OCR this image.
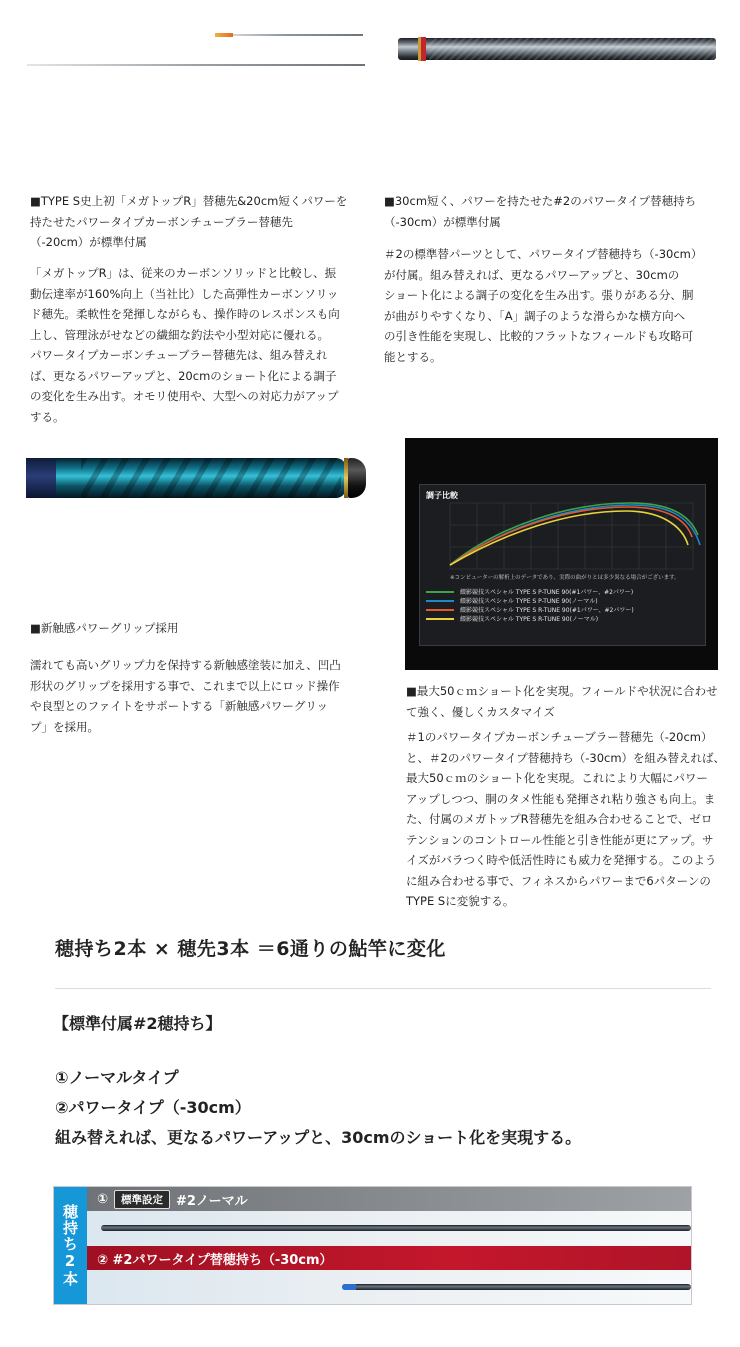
■TYPE S史上初「メガトップR」替穂先&20cm短くパワーを
持たせたパワータイプカーボンチューブラー替穂先
（-20cm）が標準付属
「メガトップR」は、従来のカーボンソリッドと比較し、振
動伝達率が160%向上（当社比）した高弾性カーボンソリッ
ド穂先。柔軟性を発揮しながらも、操作時のレスポンスも向
上し、管理泳がせなどの繊細な釣法や小型対応に優れる。
パワータイプカーボンチューブラー替穂先は、組み替えれ
ば、更なるパワーアップと、20cmのショート化による調子
の変化を生み出す。オモリ使用や、大型への対応力がアップ
する。
■30cm短く、パワーを持たせた#2のパワータイプ替穂持ち
（-30cm）が標準付属
＃2の標準替パーツとして、パワータイプ替穂持ち（-30cm）
が付属。組み替えれば、更なるパワーアップと、30cmの
ショート化による調子の変化を生み出す。張りがある分、胴
が曲がりやすくなり、「A」調子のような滑らかな横方向へ
の引き性能を実現し、比較的フラットなフィールドも攻略可
能とする。
■新触感パワーグリップ採用
濡れても高いグリップ力を保持する新触感塗装に加え、凹凸
形状のグリップを採用する事で、これまで以上にロッド操作
や良型とのファイトをサポートする「新触感パワーグリッ
プ」を採用。
調子比較
※コンピューターの解析上のデータであり、実際の曲がりとは多少異なる場合がございます。
綴影競技スペシャル TYPE S P-TUNE 90(#1パワー、#2パワー)
綴影競技スペシャル TYPE S P-TUNE 90(ノーマル)
綴影競技スペシャル TYPE S R-TUNE 90(#1パワー、#2パワー)
綴影競技スペシャル TYPE S R-TUNE 90(ノーマル)
■最大50ｃｍショート化を実現。フィールドや状況に合わせ
て強く、優しくカスタマイズ
＃1のパワータイプカーボンチューブラー替穂先（-20cm）
と、＃2のパワータイプ替穂持ち（-30cm）を組み替えれば、
最大50ｃｍのショート化を実現。これにより大幅にパワー
アップしつつ、胴のタメ性能も発揮され粘り強さも向上。ま
た、付属のメガトップR替穂先を組み合わせることで、ゼロ
テンションのコントロール性能と引き性能が更にアップ。サ
イズがバラつく時や低活性時にも威力を発揮する。このよう
に組み合わせる事で、フィネスからパワーまで6パターンの
TYPE Sに変貌する。
穂持ち2本 × 穂先3本 ＝6通りの鮎竿に変化
【標準付属#2穂持ち】
①ノーマルタイプ
②パワータイプ（-30cm）
組み替えれば、更なるパワーアップと、30cmのショート化を実現する。
穂持ち2本
①	標準設定	#2ノーマル
② #2パワータイプ替穂持ち（-30cm）
